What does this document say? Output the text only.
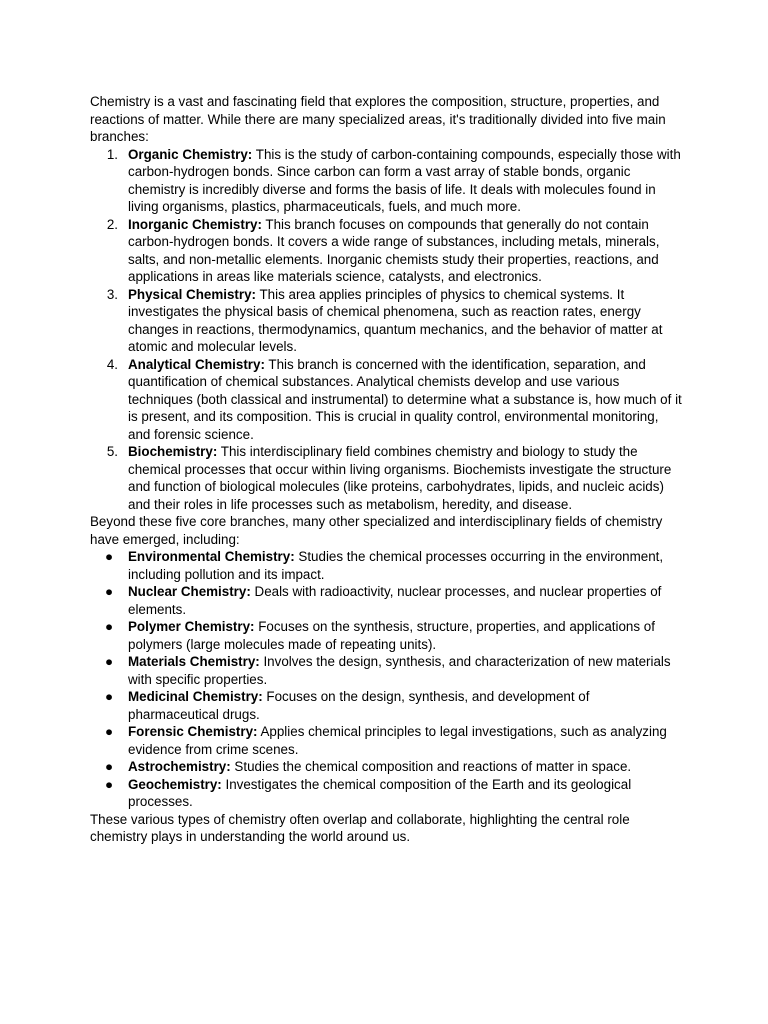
Chemistry is a vast and fascinating field that explores the composition, structure, properties, and reactions of matter. While there are many specialized areas, it's traditionally divided into five main branches:

1. Organic Chemistry: This is the study of carbon-containing compounds, especially those with carbon-hydrogen bonds. Since carbon can form a vast array of stable bonds, organic chemistry is incredibly diverse and forms the basis of life. It deals with molecules found in living organisms, plastics, pharmaceuticals, fuels, and much more.
2. Inorganic Chemistry: This branch focuses on compounds that generally do not contain carbon-hydrogen bonds. It covers a wide range of substances, including metals, minerals, salts, and non-metallic elements. Inorganic chemists study their properties, reactions, and applications in areas like materials science, catalysts, and electronics.
3. Physical Chemistry: This area applies principles of physics to chemical systems. It investigates the physical basis of chemical phenomena, such as reaction rates, energy changes in reactions, thermodynamics, quantum mechanics, and the behavior of matter at atomic and molecular levels.
4. Analytical Chemistry: This branch is concerned with the identification, separation, and quantification of chemical substances. Analytical chemists develop and use various techniques (both classical and instrumental) to determine what a substance is, how much of it is present, and its composition. This is crucial in quality control, environmental monitoring, and forensic science.
5. Biochemistry: This interdisciplinary field combines chemistry and biology to study the chemical processes that occur within living organisms. Biochemists investigate the structure and function of biological molecules (like proteins, carbohydrates, lipids, and nucleic acids) and their roles in life processes such as metabolism, heredity, and disease.

Beyond these five core branches, many other specialized and interdisciplinary fields of chemistry have emerged, including:

● Environmental Chemistry: Studies the chemical processes occurring in the environment, including pollution and its impact.
● Nuclear Chemistry: Deals with radioactivity, nuclear processes, and nuclear properties of elements.
● Polymer Chemistry: Focuses on the synthesis, structure, properties, and applications of polymers (large molecules made of repeating units).
● Materials Chemistry: Involves the design, synthesis, and characterization of new materials with specific properties.
● Medicinal Chemistry: Focuses on the design, synthesis, and development of pharmaceutical drugs.
● Forensic Chemistry: Applies chemical principles to legal investigations, such as analyzing evidence from crime scenes.
● Astrochemistry: Studies the chemical composition and reactions of matter in space.
● Geochemistry: Investigates the chemical composition of the Earth and its geological processes.

These various types of chemistry often overlap and collaborate, highlighting the central role chemistry plays in understanding the world around us.
